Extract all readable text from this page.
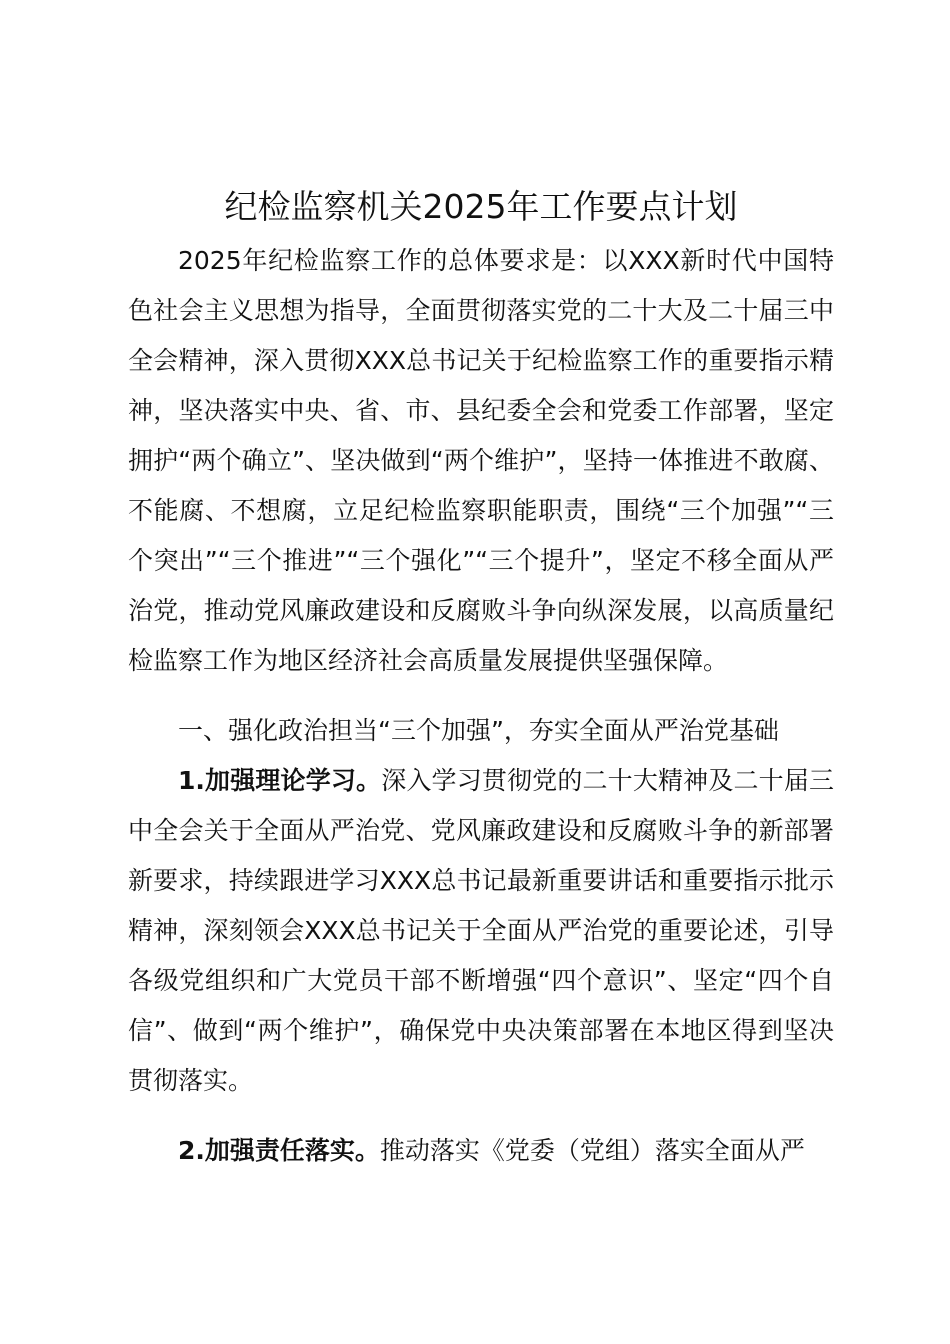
纪检监察机关2025年工作要点计划

2025年纪检监察工作的总体要求是：以XXX新时代中国特色社会主义思想为指导，全面贯彻落实党的二十大及二十届三中全会精神，深入贯彻XXX总书记关于纪检监察工作的重要指示精神，坚决落实中央、省、市、县纪委全会和党委工作部署，坚定拥护“两个确立”、坚决做到“两个维护”，坚持一体推进不敢腐、不能腐、不想腐，立足纪检监察职能职责，围绕“三个加强”“三个突出”“三个推进”“三个强化”“三个提升”，坚定不移全面从严治党，推动党风廉政建设和反腐败斗争向纵深发展，以高质量纪检监察工作为地区经济社会高质量发展提供坚强保障。

一、强化政治担当“三个加强”，夯实全面从严治党基础

1.加强理论学习。深入学习贯彻党的二十大精神及二十届三中全会关于全面从严治党、党风廉政建设和反腐败斗争的新部署新要求，持续跟进学习XXX总书记最新重要讲话和重要指示批示精神，深刻领会XXX总书记关于全面从严治党的重要论述，引导各级党组织和广大党员干部不断增强“四个意识”、坚定“四个自信”、做到“两个维护”，确保党中央决策部署在本地区得到坚决贯彻落实。

2.加强责任落实。推动落实《党委（党组）落实全面从严
